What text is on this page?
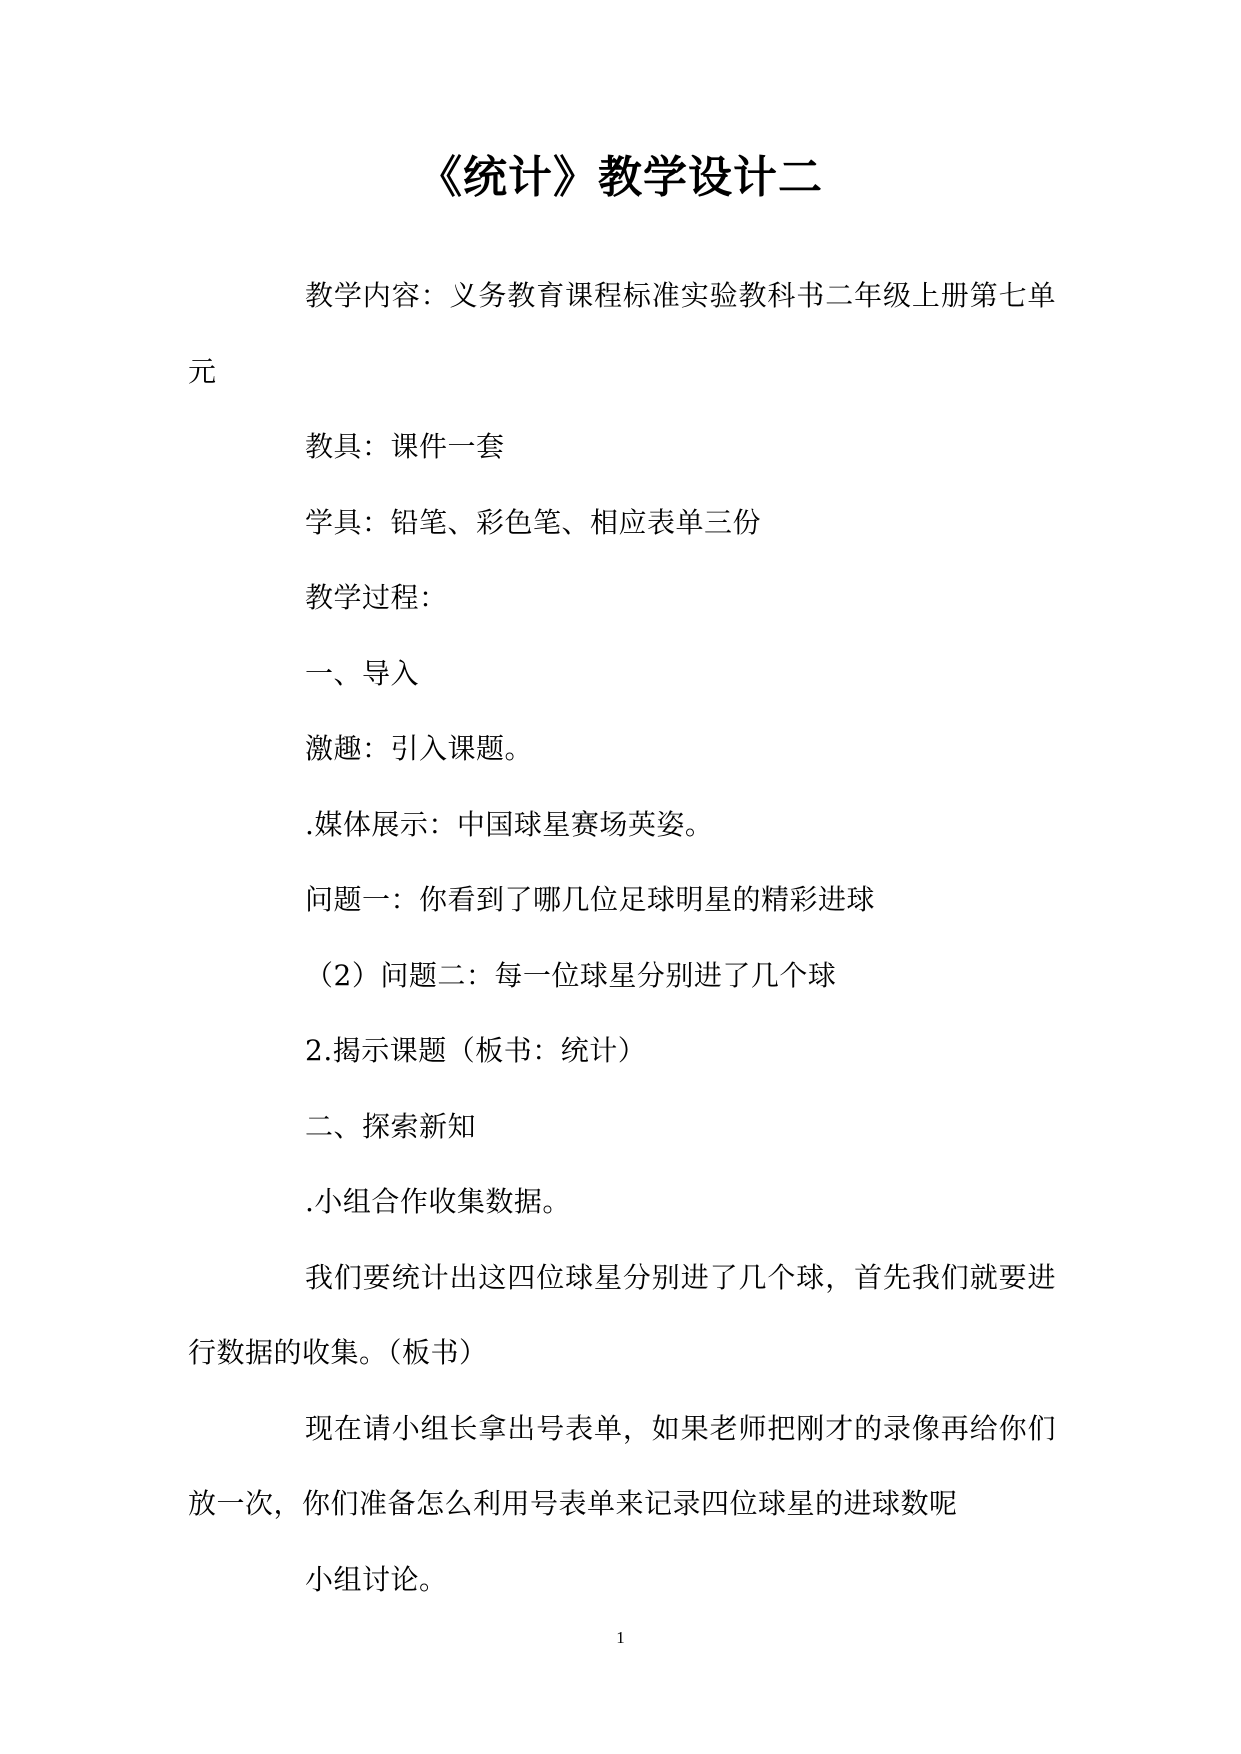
《统计》教学设计二

教学内容：义务教育课程标准实验教科书二年级上册第七单元

教具：课件一套

学具：铅笔、彩色笔、相应表单三份

教学过程：

一、导入

激趣：引入课题。

.媒体展示：中国球星赛场英姿。

问题一：你看到了哪几位足球明星的精彩进球

（2）问题二：每一位球星分别进了几个球

2.揭示课题（板书：统计）

二、探索新知

.小组合作收集数据。

我们要统计出这四位球星分别进了几个球，首先我们就要进行数据的收集。（板书）

现在请小组长拿出号表单，如果老师把刚才的录像再给你们放一次，你们准备怎么利用号表单来记录四位球星的进球数呢

小组讨论。

1
